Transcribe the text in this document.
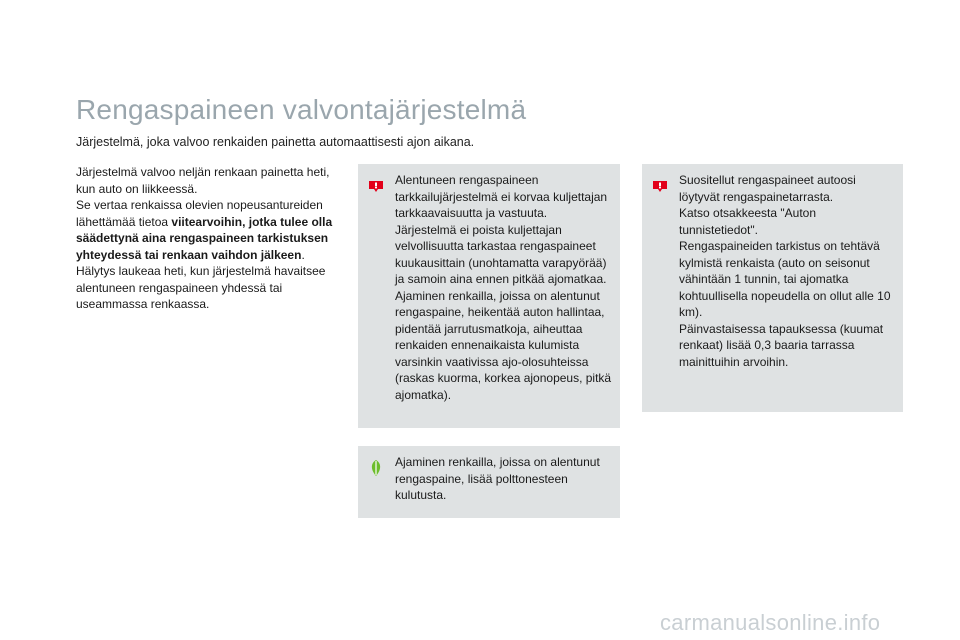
Rengaspaineen valvontajärjestelmä

Järjestelmä, joka valvoo renkaiden painetta automaattisesti ajon aikana.

Järjestelmä valvoo neljän renkaan painetta heti, kun auto on liikkeessä.

Se vertaa renkaissa olevien nopeusantureiden lähettämää tietoa viitearvoihin, jotka tulee olla säädettynä aina rengaspaineen tarkistuksen yhteydessä tai renkaan vaihdon jälkeen.

Hälytys laukeaa heti, kun järjestelmä havaitsee alentuneen rengaspaineen yhdessä tai useammassa renkaassa.

Alentuneen rengaspaineen tarkkailujärjestelmä ei korvaa kuljettajan tarkkaavaisuutta ja vastuuta.

Järjestelmä ei poista kuljettajan velvollisuutta tarkastaa rengaspaineet kuukausittain (unohtamatta varapyörää) ja samoin aina ennen pitkää ajomatkaa.

Ajaminen renkailla, joissa on alentunut rengaspaine, heikentää auton hallintaa, pidentää jarrutusmatkoja, aiheuttaa renkaiden ennenaikaista kulumista varsinkin vaativissa ajo-olosuhteissa (raskas kuorma, korkea ajonopeus, pitkä ajomatka).

Ajaminen renkailla, joissa on alentunut rengaspaine, lisää polttonesteen kulutusta.

Suositellut rengaspaineet autoosi löytyvät rengaspainetarrasta.

Katso otsakkeesta "Auton tunnistetiedot".

Rengaspaineiden tarkistus on tehtävä kylmistä renkaista (auto on seisonut vähintään 1 tunnin, tai ajomatka kohtuullisella nopeudella on ollut alle 10 km).

Päinvastaisessa tapauksessa (kuumat renkaat) lisää 0,3 baaria tarrassa mainittuihin arvoihin.

carmanualsonline.info
